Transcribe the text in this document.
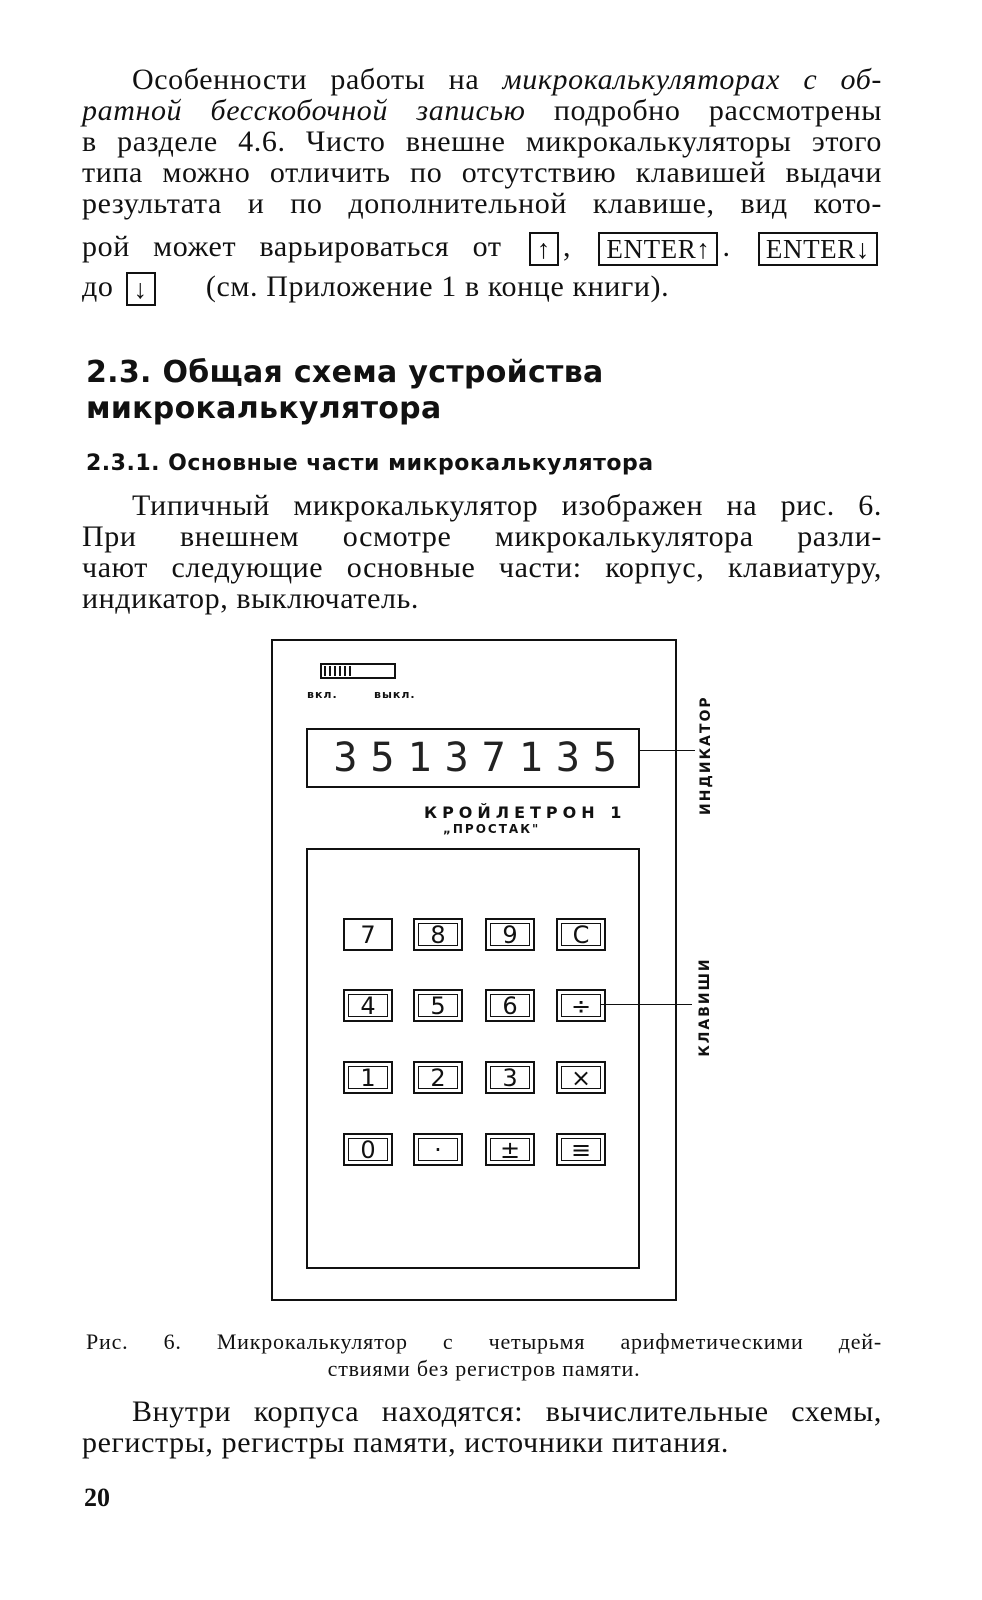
Особенности работы на микрокалькуляторах с об-
ратной бесскобочной записью подробно рассмотрены
в разделе 4.6. Чисто внешне микрокалькуляторы этого
типа можно отличить по отсутствию клавишей выдачи
результата и по дополнительной клавише, вид кото-
рой может варьироваться от ↑ , ENTER↑ . ENTER↓
до ↓ (см. Приложение 1 в конце книги).
2.3. Общая схема устройства
микрокалькулятора
2.3.1. Основные части микрокалькулятора
Типичный микрокалькулятор изображен на рис. 6.
При внешнем осмотре микрокалькулятора разли-
чают следующие основные части: корпус, клавиатуру,
индикатор, выключатель.
вкл.	выкл.
35137135
КРОЙЛЕТРОН 1
„ПРОСТАК"
7 8 9 C
4 5 6 ÷
1 2 3 ×
0 · ± ≡
ИНДИКАТОР
КЛАВИШИ
Рис. 6. Микрокалькулятор с четырьмя арифметическими дей-
ствиями без регистров памяти.
Внутри корпуса находятся: вычислительные схемы,
регистры, регистры памяти, источники питания.
20
